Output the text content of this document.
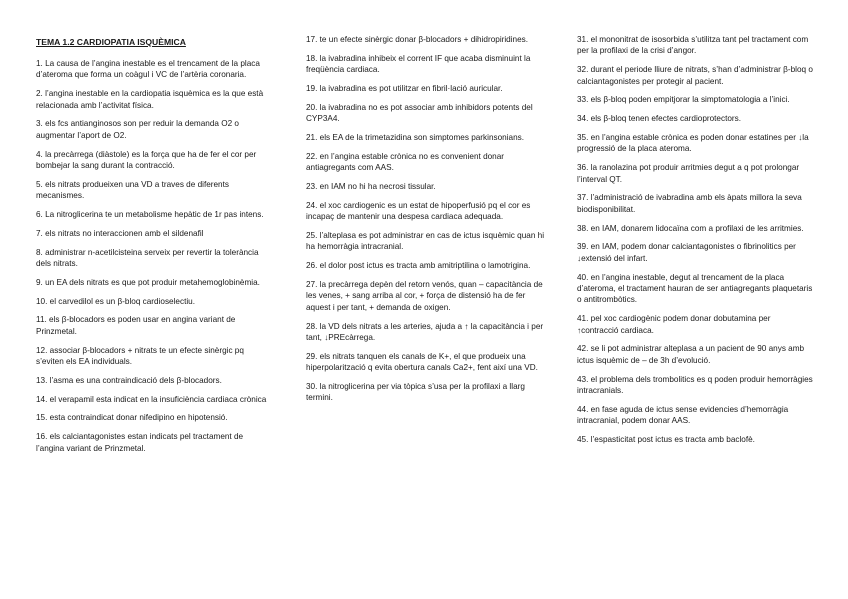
TEMA 1.2 CARDIOPATIA ISQUÈMICA

1. La causa de l’angina inestable es el trencament de la placa d’ateroma que forma un coàgul i VC de l’artèria coronaria.

2. l’angina inestable en la cardiopatia isquèmica es la que està relacionada amb l’activitat física.

3. els fcs antianginosos son per reduir la demanda O2 o augmentar l’aport de O2.

4. la precàrrega (diàstole) es la força que ha de fer el cor per bombejar la sang durant la contracció.

5. els nitrats produeixen una VD a traves de diferents mecanismes.

6. La nitroglicerina te un metabolisme hepàtic de 1r pas intens.

7. els nitrats no interaccionen amb el sildenafil

8. administrar n-acetilcisteina serveix per revertir la tolerància dels nitrats.

9. un EA dels nitrats es que pot produir metahemoglobinèmia.

10. el carvedilol es un β-bloq cardioselectiu.

11. els β-blocadors es poden usar en angina variant de Prinzmetal.

12. associar β-blocadors + nitrats te un efecte sinèrgic pq s’eviten els EA individuals.

13. l’asma es una contraindicació dels β-blocadors.

14. el verapamil esta indicat en la insuficiència cardiaca crònica

15. esta contraindicat donar nifedipino en hipotensió.

16. els calciantagonistes estan indicats pel tractament de l’angina variant de Prinzmetal.

17. te un efecte sinèrgic donar β-blocadors + dihidropiridines.

18. la ivabradina inhibeix el corrent IF que acaba disminuint la freqüència cardiaca.

19. la ivabradina es pot utilitzar en fibril·lació auricular.

20. la ivabradina no es pot associar amb inhibidors potents del CYP3A4.

21. els EA de la trimetazidina son simptomes parkinsonians.

22. en l’angina estable crònica no es convenient donar antiagregants com AAS.

23. en IAM no hi ha necrosi tissular.

24. el xoc cardiogenic es un estat de hipoperfusió pq el cor es incapaç de mantenir una despesa cardiaca adequada.

25. l’alteplasa es pot administrar en cas de ictus isquèmic quan hi ha hemorràgia intracranial.

26. el dolor post ictus es tracta amb amitriptilina o lamotrigina.

27. la precàrrega depèn del retorn venós, quan – capacitància de les venes, + sang arriba al cor, + força de distensió ha de fer aquest i per tant, + demanda de oxigen.

28. la VD dels nitrats a les arteries, ajuda a ↑ la capacitància i per tant, ↓PREcàrrega.

29. els nitrats tanquen els canals de K+, el que produeix una hiperpolarització q evita obertura canals Ca2+, fent així una VD.

30. la nitroglicerina per via tòpica s’usa per la profilaxi a llarg termini.

31. el mononitrat de isosorbida s’utilitza tant pel tractament com per la profilaxi de la crisi d’angor.

32. durant el periode lliure de nitrats, s’han d’administrar β-bloq o calciantagonistes per protegir al pacient.

33. els β-bloq poden empitjorar la simptomatologia a l’inici.

34. els β-bloq tenen efectes cardioprotectors.

35. en l’angina estable crònica es poden donar estatines per ↓la progressió de la placa ateroma.

36. la ranolazina pot produir arritmies degut a q pot prolongar l’interval QT.

37. l’administració de ivabradina amb els àpats millora la seva biodisponibilitat.

38. en IAM, donarem lidocaïna com a profilaxi de les arritmies.

39. en IAM, podem donar calciantagonistes o fibrinolitics per ↓extensió del infart.

40. en l’angina inestable, degut al trencament de la placa d’ateroma, el tractament hauran de ser antiagregants plaquetaris o antitrombòtics.

41. pel xoc cardiogènic podem donar dobutamina per ↑contracció cardiaca.

42. se li pot administrar alteplasa a un pacient de 90 anys amb ictus isquèmic de – de 3h d’evolució.

43. el problema dels trombolitics es q poden produir hemorràgies intracranials.

44. en fase aguda de ictus sense evidencies d’hemorràgia intracranial, podem donar AAS.

45. l’espasticitat post ictus es tracta amb baclofè.
